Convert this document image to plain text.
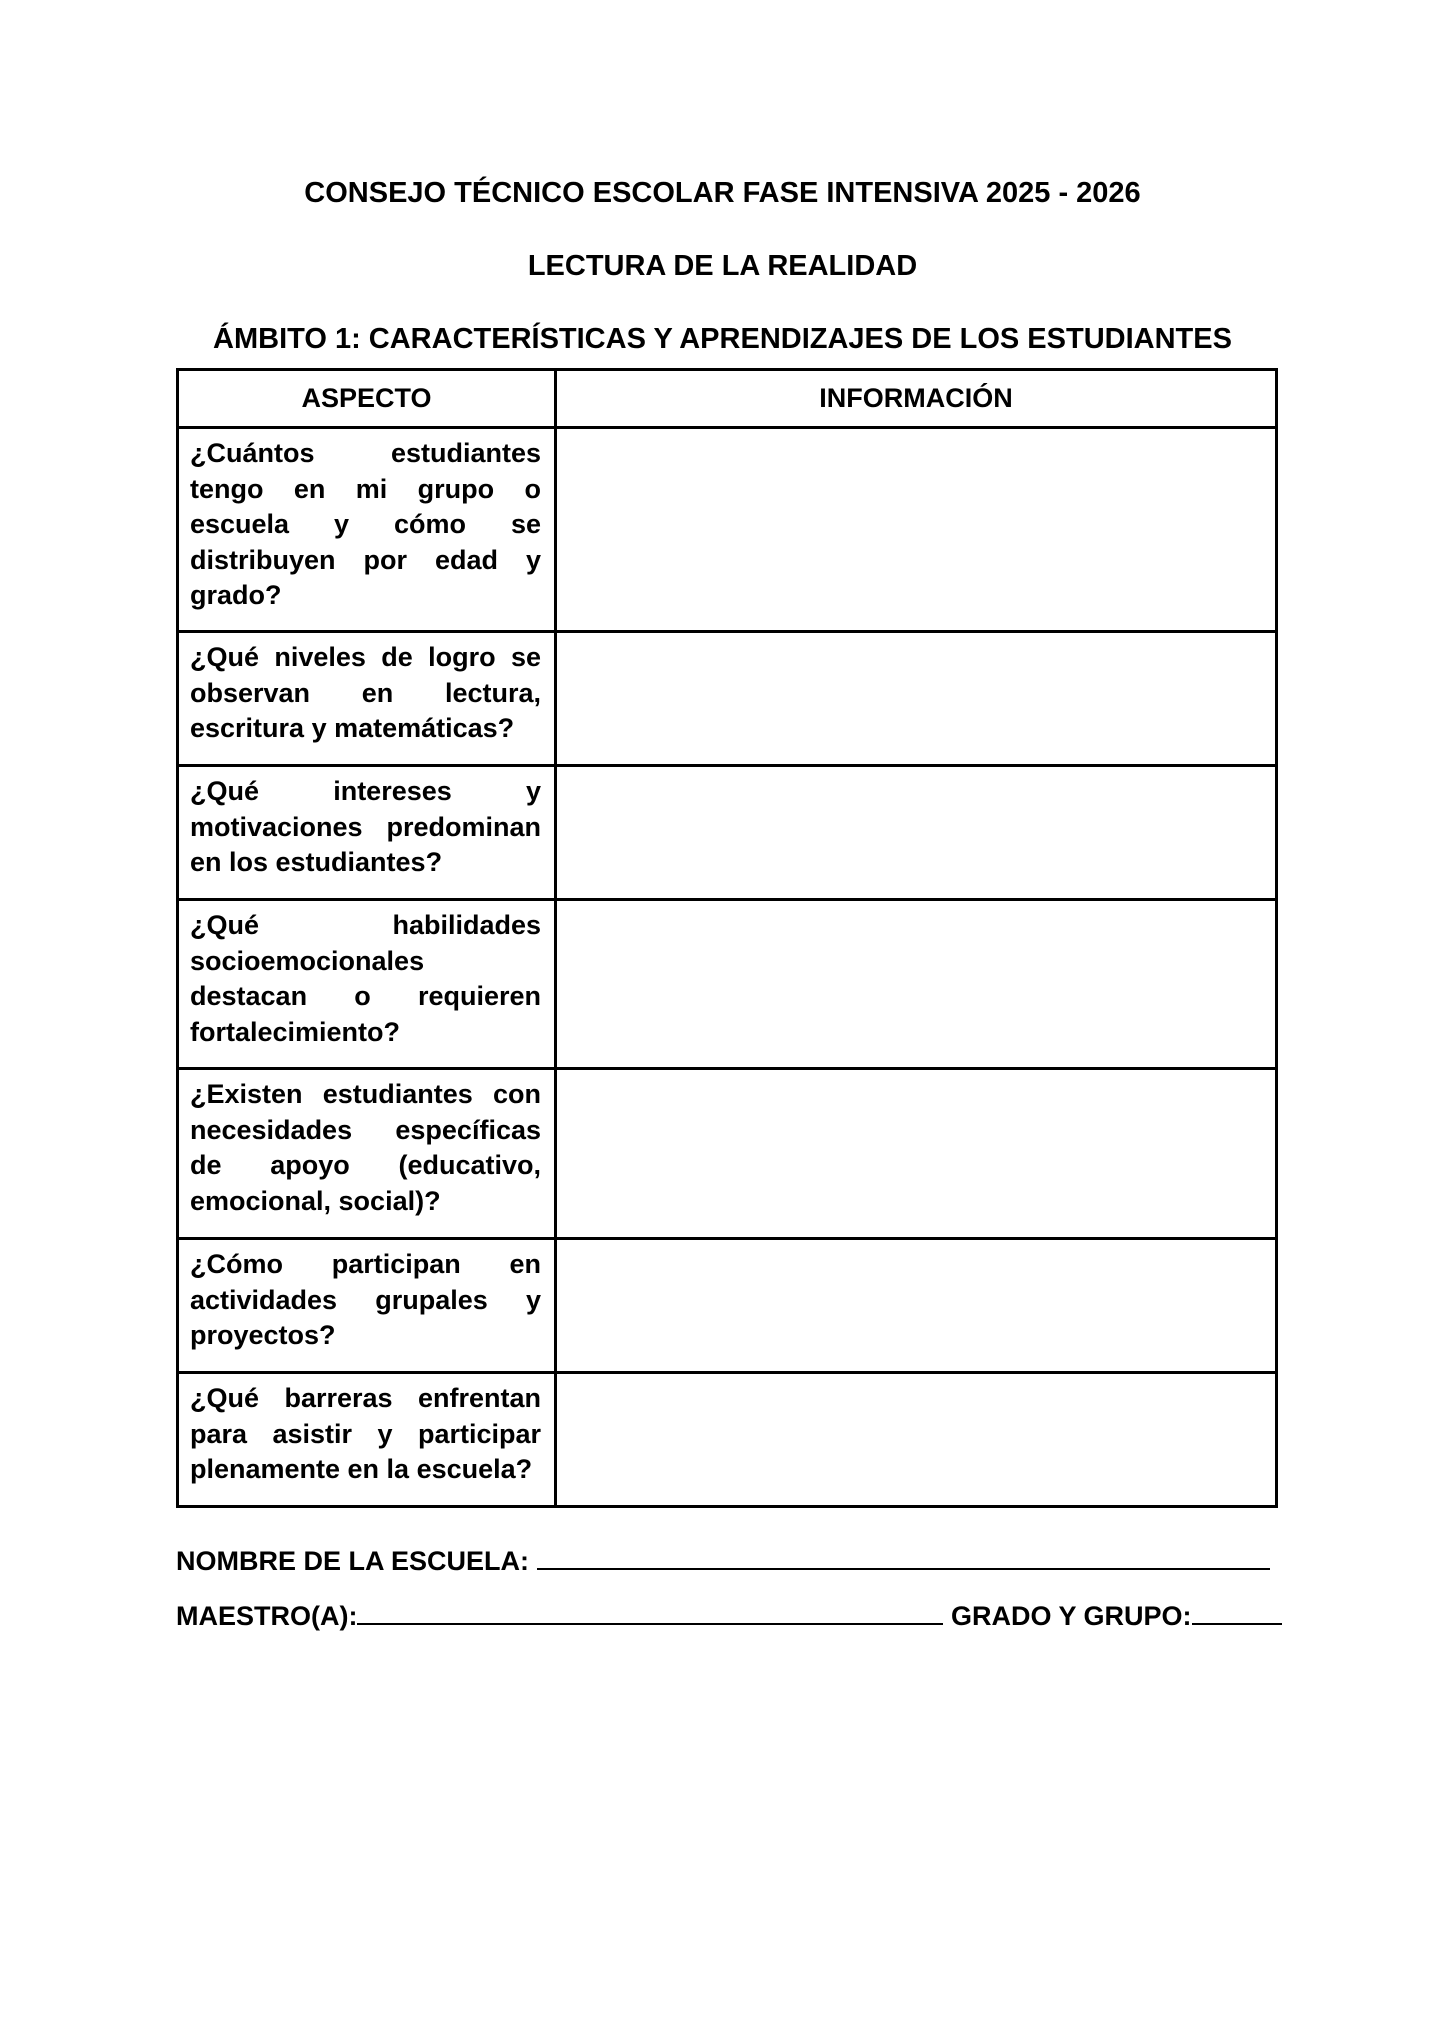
CONSEJO TÉCNICO ESCOLAR FASE INTENSIVA 2025 - 2026
LECTURA DE LA REALIDAD
ÁMBITO 1: CARACTERÍSTICAS Y APRENDIZAJES DE LOS ESTUDIANTES
ASPECTO	INFORMACIÓN
¿Cuántos estudiantes tengo en mi grupo o escuela y cómo se distribuyen por edad y grado?	
¿Qué niveles de logro se observan en lectura, escritura y matemáticas?	
¿Qué intereses y motivaciones predominan en los estudiantes?	
¿Qué habilidades socioemocionales destacan o requieren fortalecimiento?	
¿Existen estudiantes con necesidades específicas de apoyo (educativo, emocional, social)?	
¿Cómo participan en actividades grupales y proyectos?	
¿Qué barreras enfrentan para asistir y participar plenamente en la escuela?	
NOMBRE DE LA ESCUELA:
MAESTRO(A):	GRADO Y GRUPO:
